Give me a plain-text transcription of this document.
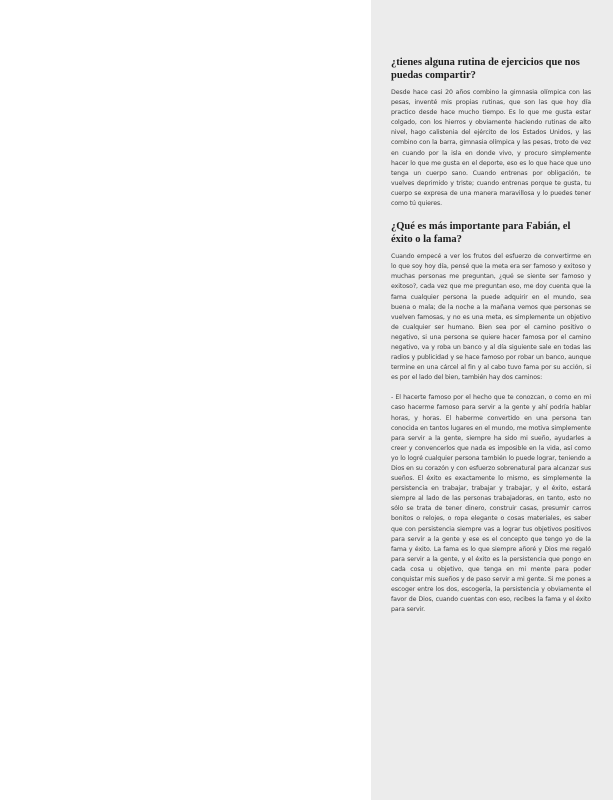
¿tienes alguna rutina de ejercicios que nos puedas compartir?

Desde hace casi 20 años combino la gimnasia olímpica con las pesas, inventé mis propias rutinas, que son las que hoy día practico desde hace mucho tiempo. Es lo que me gusta estar colgado, con los hierros y obviamente haciendo rutinas de alto nivel, hago calistenia del ejército de los Estados Unidos, y las combino con la barra, gimnasia olímpica y las pesas, troto de vez en cuando por la isla en donde vivo, y procuro simplemente hacer lo que me gusta en el deporte, eso es lo que hace que uno tenga un cuerpo sano. Cuando entrenas por obligación, te vuelves deprimido y triste; cuando entrenas porque te gusta, tu cuerpo se expresa de una manera maravillosa y lo puedes tener como tú quieres.

¿Qué es más importante para Fabián, el éxito o la fama?

Cuando empecé a ver los frutos del esfuerzo de convertirme en lo que soy hoy día, pensé que la meta era ser famoso y exitoso y muchas personas me preguntan, ¿qué se siente ser famoso y exitoso?, cada vez que me preguntan eso, me doy cuenta que la fama cualquier persona la puede adquirir en el mundo, sea buena o mala; de la noche a la mañana vemos que personas se vuelven famosas, y no es una meta, es simplemente un objetivo de cualquier ser humano. Bien sea por el camino positivo o negativo, si una persona se quiere hacer famosa por el camino negativo, va y roba un banco y al día siguiente sale en todas las radios y publicidad y se hace famoso por robar un banco, aunque termine en una cárcel al fin y al cabo tuvo fama por su acción, si es por el lado del bien, también hay dos caminos:

- El hacerte famoso por el hecho que te conozcan, o como en mi caso hacerme famoso para servir a la gente y ahí podría hablar horas, y horas. El haberme convertido en una persona tan conocida en tantos lugares en el mundo, me motiva simplemente para servir a la gente, siempre ha sido mi sueño, ayudarles a creer y convencerlos que nada es imposible en la vida, así como yo lo logré cualquier persona también lo puede lograr, teniendo a Dios en su corazón y con esfuerzo sobrenatural para alcanzar sus sueños. El éxito es exactamente lo mismo, es simplemente la persistencia en trabajar, trabajar y trabajar, y el éxito, estará siempre al lado de las personas trabajadoras, en tanto, esto no sólo se trata de tener dinero, construir casas, presumir carros bonitos o relojes, o ropa elegante o cosas materiales, es saber que con persistencia siempre vas a lograr tus objetivos positivos para servir a la gente y ese es el concepto que tengo yo de la fama y éxito. La fama es lo que siempre añoré y Dios me regaló para servir a la gente, y el éxito es la persistencia que pongo en cada cosa u objetivo, que tenga en mi mente para poder conquistar mis sueños y de paso servir a mi gente. Si me pones a escoger entre los dos, escogería, la persistencia y obviamente el favor de Dios, cuando cuentas con eso, recibes la fama y el éxito para servir.
